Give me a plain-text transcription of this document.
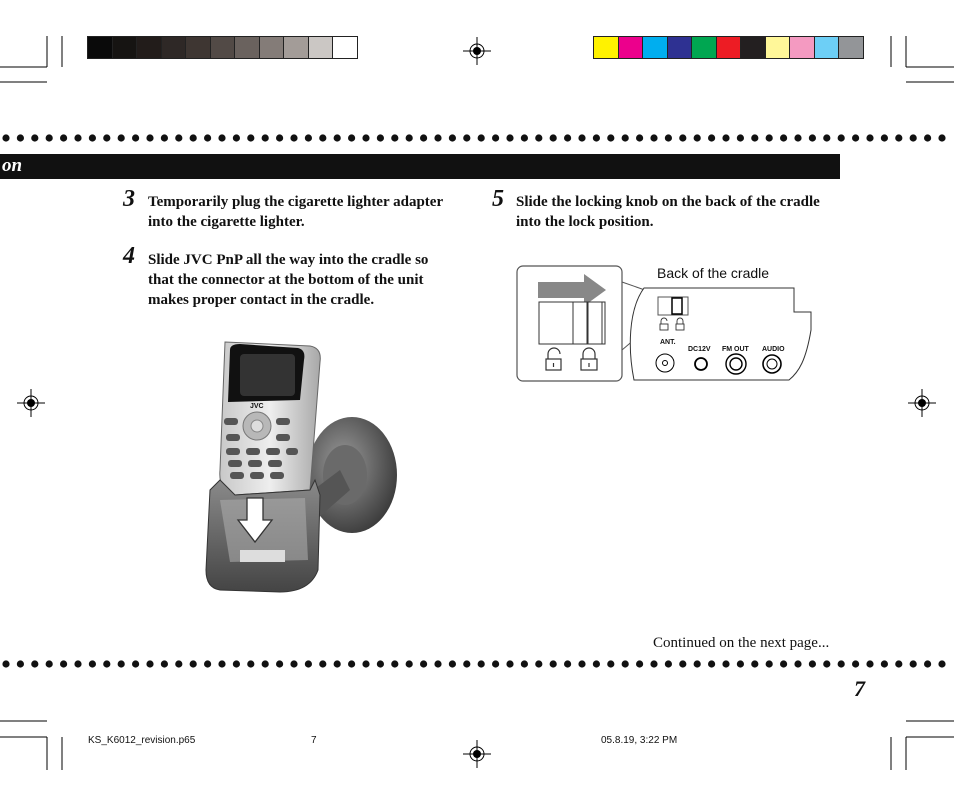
on
3 Temporarily plug the cigarette lighter adapter
into the cigarette lighter.
4 Slide JVC PnP all the way into the cradle so
that the connector at the bottom of the unit
makes proper contact in the cradle.
5 Slide the locking knob on the back of the cradle
into the lock position.
Back of the cradle
ANT.
DC12V FM OUT AUDIO
JVC
Continued on the next page...
7
KS_K6012_revision.p65	7	05.8.19, 3:22 PM
